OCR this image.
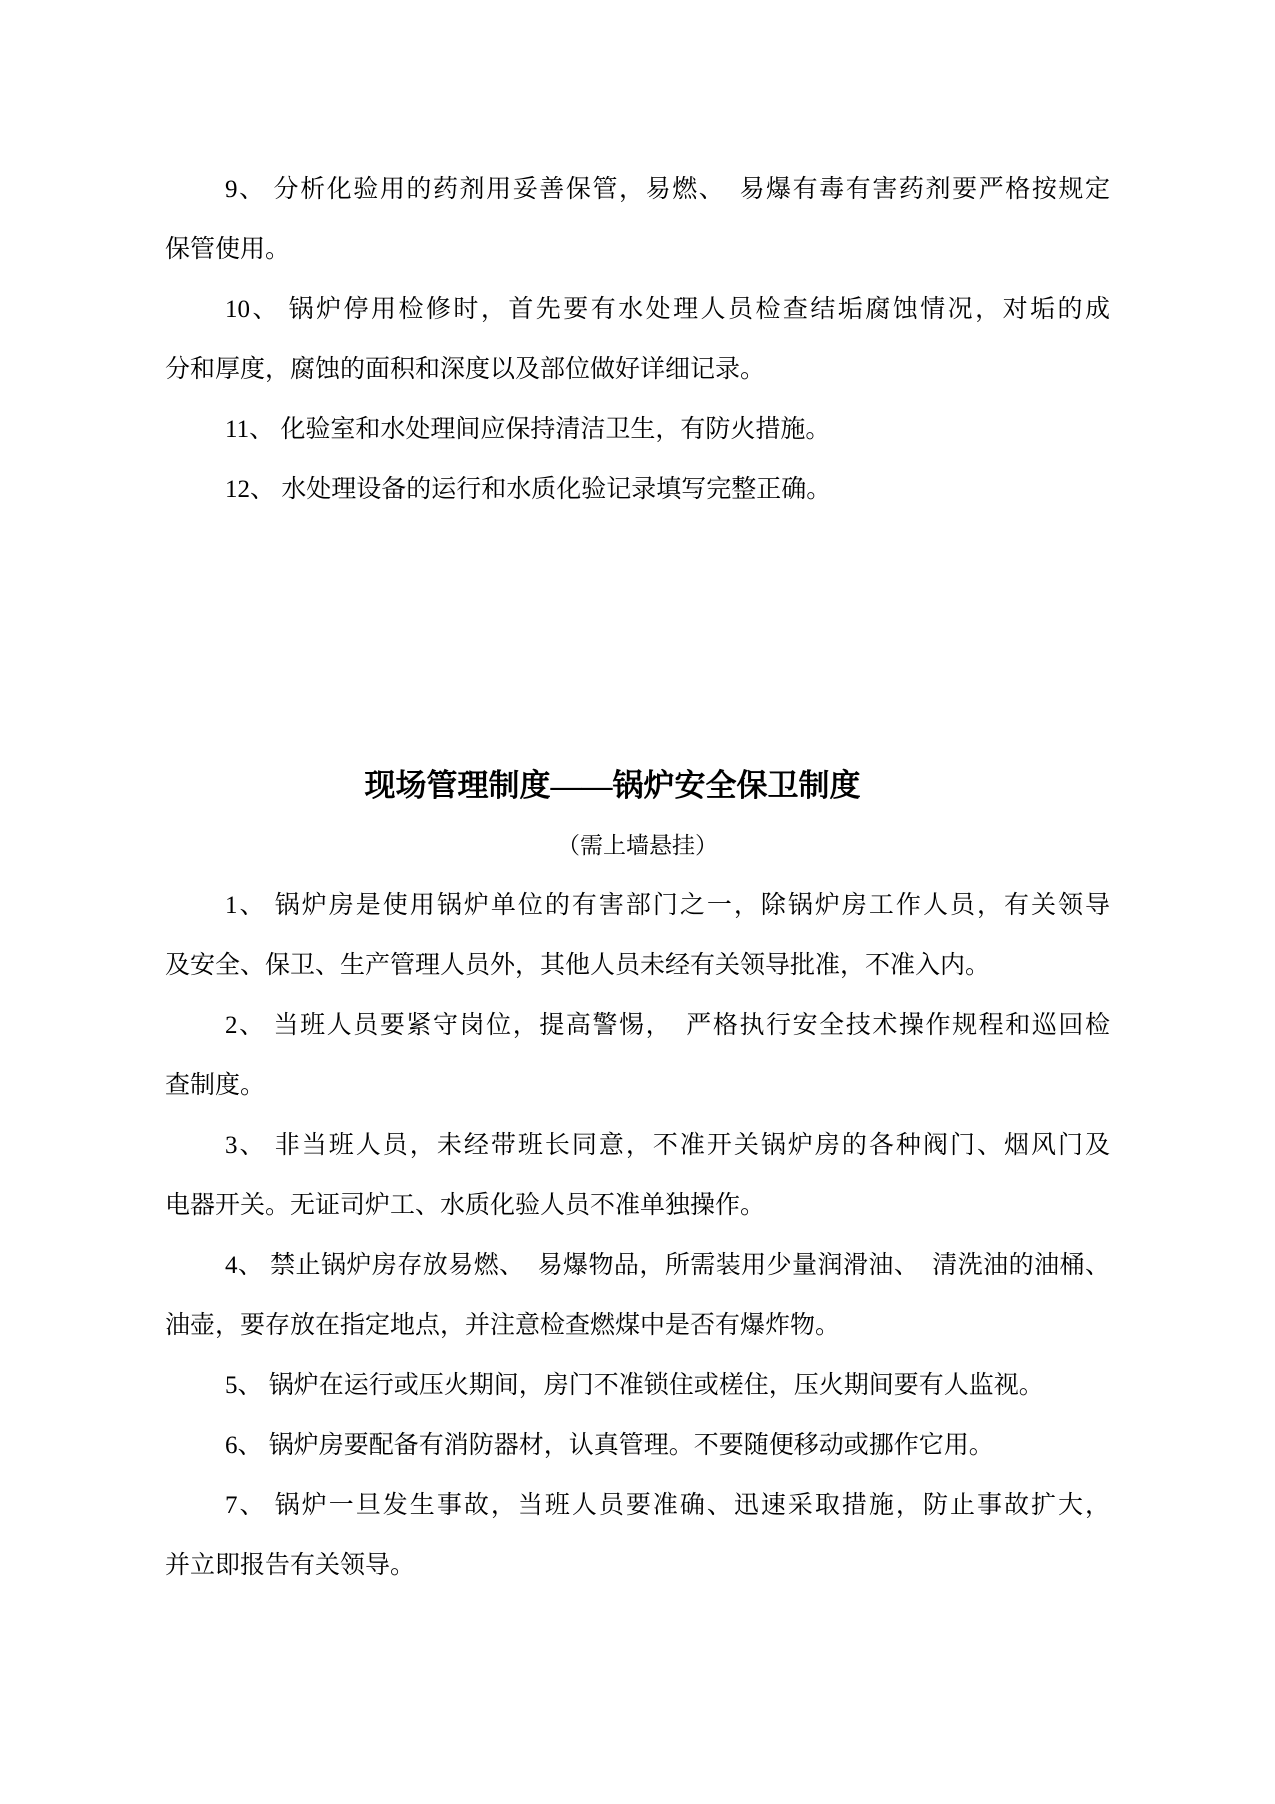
9、 分析化验用的药剂用妥善保管，易燃、　易爆有毒有害药剂要严格按规定
保管使用。
10、 锅炉停用检修时，首先要有水处理人员检查结垢腐蚀情况，对垢的成
分和厚度，腐蚀的面积和深度以及部位做好详细记录。
11、 化验室和水处理间应保持清洁卫生，有防火措施。
12、 水处理设备的运行和水质化验记录填写完整正确。
现场管理制度——锅炉安全保卫制度
（需上墙悬挂）
1、 锅炉房是使用锅炉单位的有害部门之一，除锅炉房工作人员，有关领导
及安全、保卫、生产管理人员外，其他人员未经有关领导批准，不准入内。
2、 当班人员要紧守岗位，提高警惕，　严格执行安全技术操作规程和巡回检
查制度。
3、 非当班人员，未经带班长同意，不准开关锅炉房的各种阀门、烟风门及
电器开关。无证司炉工、水质化验人员不准单独操作。
4、 禁止锅炉房存放易燃、　易爆物品，所需装用少量润滑油、　清洗油的油桶、
油壶，要存放在指定地点，并注意检查燃煤中是否有爆炸物。
5、 锅炉在运行或压火期间，房门不准锁住或槎住，压火期间要有人监视。
6、 锅炉房要配备有消防器材，认真管理。不要随便移动或挪作它用。
7、 锅炉一旦发生事故，当班人员要准确、迅速采取措施，防止事故扩大，
并立即报告有关领导。
